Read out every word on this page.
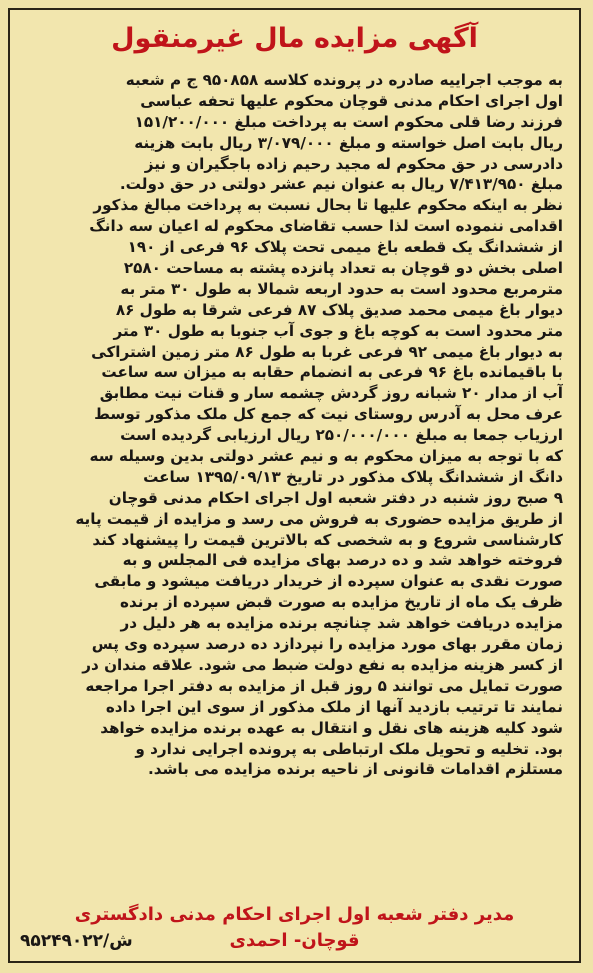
آگهی مزایده مال غیرمنقول
به موجب اجراییه صادره در پرونده کلاسه ۹۵۰۸۵۸ ج م شعبه
اول اجرای احکام مدنی قوچان محکوم علیها تحفه عباسی
فرزند رضا قلی محکوم است به پرداخت مبلغ ۱۵۱/۲۰۰/۰۰۰
ریال بابت اصل خواسته و مبلغ ۳/۰۷۹/۰۰۰ ریال بابت هزینه
دادرسی در حق محکوم له مجید رحیم زاده باجگیران و نیز
مبلغ ۷/۴۱۳/۹۵۰ ریال به عنوان نیم عشر دولتی در حق دولت.
نظر به اینکه محکوم علیها تا بحال نسبت به پرداخت مبالغ مذکور
اقدامی ننموده است لذا حسب تقاضای محکوم له اعیان سه دانگ
از ششدانگ یک قطعه باغ میمی تحت پلاک ۹۶ فرعی از ۱۹۰
اصلی بخش دو قوچان به تعداد پانزده پشته به مساحت ۲۵۸۰
مترمربع محدود است به حدود اربعه شمالا به طول ۳۰ متر به
دیوار باغ میمی محمد صدیق پلاک ۸۷ فرعی شرقا به طول ۸۶
متر محدود است به کوچه باغ و جوی آب جنوبا به طول ۳۰ متر
به دیوار باغ میمی ۹۲ فرعی غربا به طول ۸۶ متر زمین اشتراکی
با باقیمانده باغ ۹۶ فرعی به انضمام حقابه به میزان سه ساعت
آب از مدار ۲۰ شبانه روز گردش چشمه سار و قنات نیت مطابق
عرف محل به آدرس روستای نیت که جمع کل ملک مذکور توسط
ارزیاب جمعا به مبلغ ۲۵۰/۰۰۰/۰۰۰ ریال ارزیابی گردیده است
که با توجه به میزان محکوم به و نیم عشر دولتی بدین وسیله سه
دانگ از ششدانگ پلاک مذکور در تاریخ ۱۳۹۵/۰۹/۱۳ ساعت
۹ صبح روز شنبه در دفتر شعبه اول اجرای احکام مدنی قوچان
از طریق مزایده حضوری به فروش می رسد و مزایده از قیمت پایه
کارشناسی شروع و به شخصی که بالاترین قیمت را پیشنهاد کند
فروخته خواهد شد و ده درصد بهای مزایده فی المجلس و به
صورت نقدی به عنوان سپرده از خریدار دریافت میشود و مابقی
ظرف یک ماه از تاریخ مزایده به صورت قبض سپرده از برنده
مزایده دریافت خواهد شد چنانچه برنده مزایده به هر دلیل در
زمان مقرر بهای مورد مزایده را نپردازد ده درصد سپرده وی پس
از کسر هزینه مزایده به نفع دولت ضبط می شود. علاقه مندان در
صورت تمایل می توانند ۵ روز قبل از مزایده به دفتر اجرا مراجعه
نمایند تا ترتیب بازدید آنها از ملک مذکور از سوی این اجرا داده
شود کلیه هزینه های نقل و انتقال به عهده برنده مزایده خواهد
بود. تخلیه و تحویل ملک ارتباطی به پرونده اجرایی ندارد و
مستلزم اقدامات قانونی از ناحیه برنده مزایده می باشد.
مدیر دفتر شعبه اول اجرای احکام مدنی دادگستری
قوچان- احمدی
ش/۹۵۲۴۹۰۲۲
